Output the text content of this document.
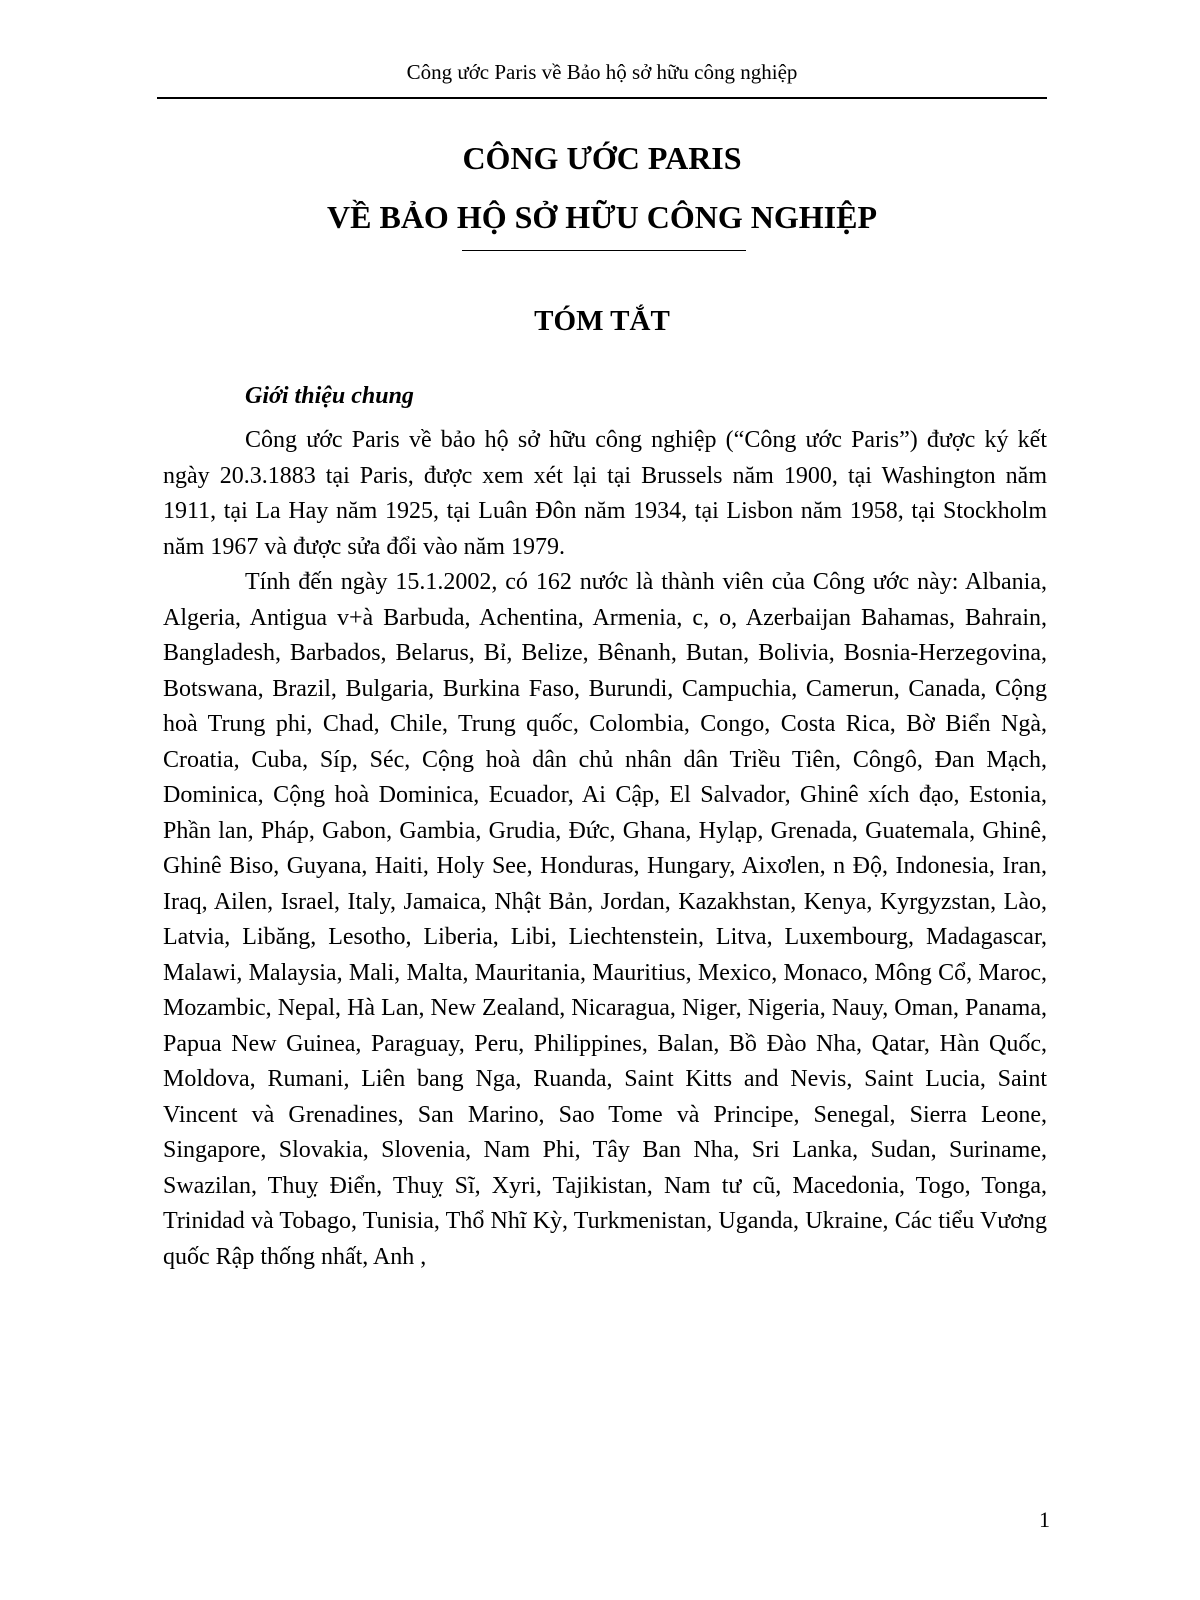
Công ước Paris về Bảo hộ sở hữu công nghiệp
CÔNG ƯỚC PARIS
VỀ BẢO HỘ SỞ HỮU CÔNG NGHIỆP
TÓM TẮT
Giới thiệu chung

Công ước Paris về bảo hộ sở hữu công nghiệp (“Công ước Paris”) được ký kết ngày 20.3.1883 tại Paris, được xem xét lại tại Brussels năm 1900, tại Washington năm 1911, tại La Hay năm 1925, tại Luân Đôn năm 1934, tại Lisbon năm 1958, tại Stockholm năm 1967 và được sửa đổi vào năm 1979.

Tính đến ngày 15.1.2002, có 162 nước là thành viên của Công ước này: Albania, Algeria, Antigua v+à Barbuda, Achentina, Armenia, c, o, Azerbaijan Bahamas, Bahrain, Bangladesh, Barbados, Belarus, Bỉ, Belize, Bênanh, Butan, Bolivia, Bosnia-Herzegovina, Botswana, Brazil, Bulgaria, Burkina Faso, Burundi, Campuchia, Camerun, Canada, Cộng hoà Trung phi, Chad, Chile, Trung quốc, Colombia, Congo, Costa Rica, Bờ Biển Ngà, Croatia, Cuba, Síp, Séc, Cộng hoà dân chủ nhân dân Triều Tiên, Côngô, Đan Mạch, Dominica, Cộng hoà Dominica, Ecuador, Ai Cập, El Salvador, Ghinê xích đạo, Estonia, Phần lan, Pháp, Gabon, Gambia, Grudia, Đức, Ghana, Hylạp, Grenada, Guatemala, Ghinê, Ghinê Biso, Guyana, Haiti, Holy See, Honduras, Hungary, Aixơlen, n Độ, Indonesia, Iran, Iraq, Ailen, Israel, Italy, Jamaica, Nhật Bản, Jordan, Kazakhstan, Kenya, Kyrgyzstan, Lào, Latvia, Libăng, Lesotho, Liberia, Libi, Liechtenstein, Litva, Luxembourg, Madagascar, Malawi, Malaysia, Mali, Malta, Mauritania, Mauritius, Mexico, Monaco, Mông Cổ, Maroc, Mozambic, Nepal, Hà Lan, New Zealand, Nicaragua, Niger, Nigeria, Nauy, Oman, Panama, Papua New Guinea, Paraguay, Peru, Philippines, Balan, Bồ Đào Nha, Qatar, Hàn Quốc, Moldova, Rumani, Liên bang Nga, Ruanda, Saint Kitts and Nevis, Saint Lucia, Saint Vincent và Grenadines, San Marino, Sao Tome và Principe, Senegal, Sierra Leone, Singapore, Slovakia, Slovenia, Nam Phi, Tây Ban Nha, Sri Lanka, Sudan, Suriname, Swazilan, Thuỵ Điển, Thuỵ Sĩ, Xyri, Tajikistan, Nam tư cũ, Macedonia, Togo, Tonga, Trinidad và Tobago, Tunisia, Thổ Nhĩ Kỳ, Turkmenistan, Uganda, Ukraine, Các tiểu Vương quốc Rập thống nhất, Anh ,

1
